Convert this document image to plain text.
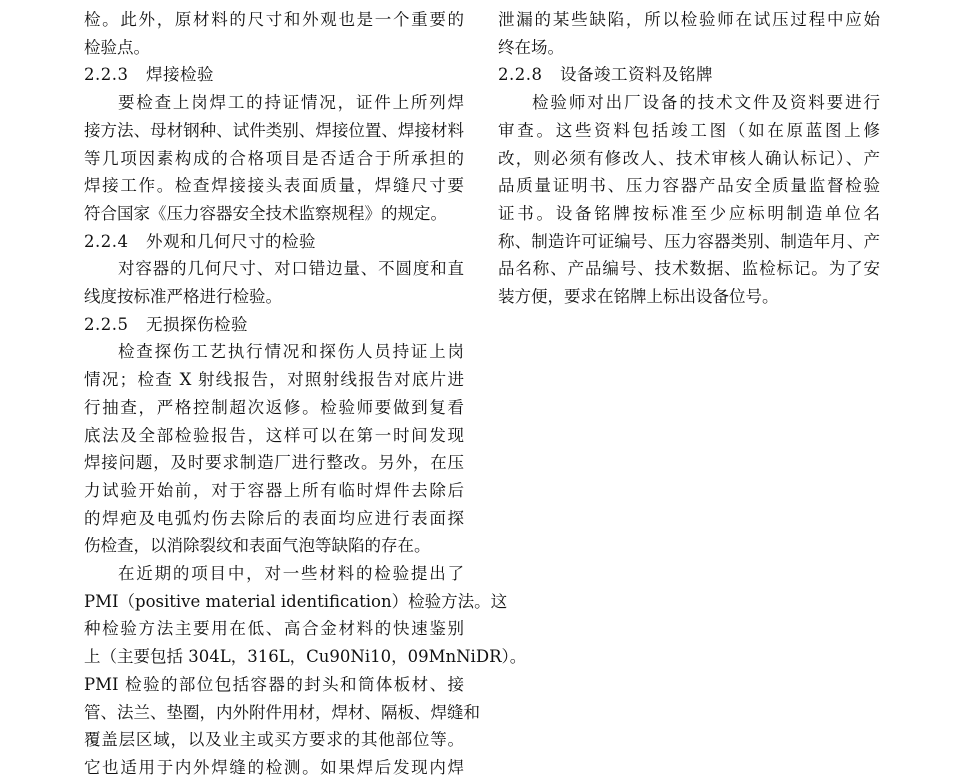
检。此外，原材料的尺寸和外观也是一个重要的
检验点。
2.2.3 焊接检验
要检查上岗焊工的持证情况，证件上所列焊
接方法、母材钢种、试件类别、焊接位置、焊接材料
等几项因素构成的合格项目是否适合于所承担的
焊接工作。检查焊接接头表面质量，焊缝尺寸要
符合国家《压力容器安全技术监察规程》的规定。
2.2.4 外观和几何尺寸的检验
对容器的几何尺寸、对口错边量、不圆度和直
线度按标准严格进行检验。
2.2.5 无损探伤检验
检查探伤工艺执行情况和探伤人员持证上岗
情况；检查 X 射线报告，对照射线报告对底片进
行抽查，严格控制超次返修。检验师要做到复看
底法及全部检验报告，这样可以在第一时间发现
焊接问题，及时要求制造厂进行整改。另外，在压
力试验开始前，对于容器上所有临时焊件去除后
的焊疤及电弧灼伤去除后的表面均应进行表面探
伤检查，以消除裂纹和表面气泡等缺陷的存在。
在近期的项目中，对一些材料的检验提出了
PMI（positive material identification）检验方法。这
种检验方法主要用在低、高合金材料的快速鉴别
上（主要包括 304L，316L，Cu90Ni10，09MnNiDR）。
PMI 检验的部位包括容器的封头和筒体板材、接
管、法兰、垫圈，内外附件用材，焊材、隔板、焊缝和
覆盖层区域，以及业主或买方要求的其他部位等。
它也适用于内外焊缝的检测。如果焊后发现内焊
泄漏的某些缺陷，所以检验师在试压过程中应始
终在场。
2.2.8 设备竣工资料及铭牌
检验师对出厂设备的技术文件及资料要进行
审查。这些资料包括竣工图（如在原蓝图上修
改，则必须有修改人、技术审核人确认标记）、产
品质量证明书、压力容器产品安全质量监督检验
证书。设备铭牌按标准至少应标明制造单位名
称、制造许可证编号、压力容器类别、制造年月、产
品名称、产品编号、技术数据、监检标记。为了安
装方便，要求在铭牌上标出设备位号。
